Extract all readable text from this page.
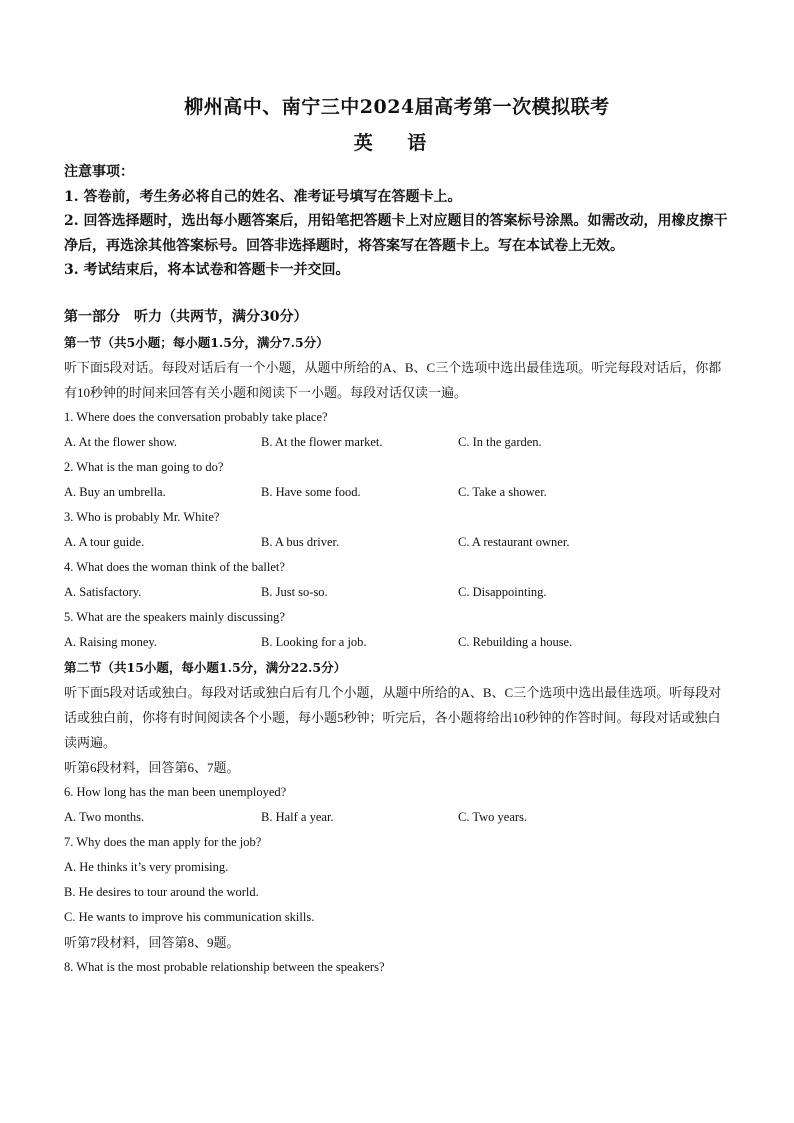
柳州高中、南宁三中2024届高考第一次模拟联考
英 语

注意事项：

1. 答卷前，考生务必将自己的姓名、准考证号填写在答题卡上。

2. 回答选择题时，选出每小题答案后，用铅笔把答题卡上对应题目的答案标号涂黑。如需改动，用橡皮擦干净后，再选涂其他答案标号。回答非选择题时，将答案写在答题卡上。写在本试卷上无效。

3. 考试结束后，将本试卷和答题卡一并交回。

第一部分　听力（共两节，满分30分）

第一节（共5小题；每小题1.5分，满分7.5分）

听下面5段对话。每段对话后有一个小题，从题中所给的A、B、C三个选项中选出最佳选项。听完每段对话后，你都有10秒钟的时间来回答有关小题和阅读下一小题。每段对话仅读一遍。

1. Where does the conversation probably take place?

A. At the flower show.	B. At the flower market.	C. In the garden.

2. What is the man going to do?

A. Buy an umbrella.	B. Have some food.	C. Take a shower.

3. Who is probably Mr. White?

A. A tour guide.	B. A bus driver.	C. A restaurant owner.

4. What does the woman think of the ballet?

A. Satisfactory.	B. Just so-so.	C. Disappointing.

5. What are the speakers mainly discussing?

A. Raising money.	B. Looking for a job.	C. Rebuilding a house.

第二节（共15小题，每小题1.5分，满分22.5分）

听下面5段对话或独白。每段对话或独白后有几个小题，从题中所给的A、B、C三个选项中选出最佳选项。听每段对话或独白前，你将有时间阅读各个小题，每小题5秒钟；听完后，各小题将给出10秒钟的作答时间。每段对话或独白读两遍。

听第6段材料，回答第6、7题。

6. How long has the man been unemployed?

A. Two months.	B. Half a year.	C. Two years.

7. Why does the man apply for the job?

A. He thinks it’s very promising.

B. He desires to tour around the world.

C. He wants to improve his communication skills.

听第7段材料，回答第8、9题。

8. What is the most probable relationship between the speakers?
